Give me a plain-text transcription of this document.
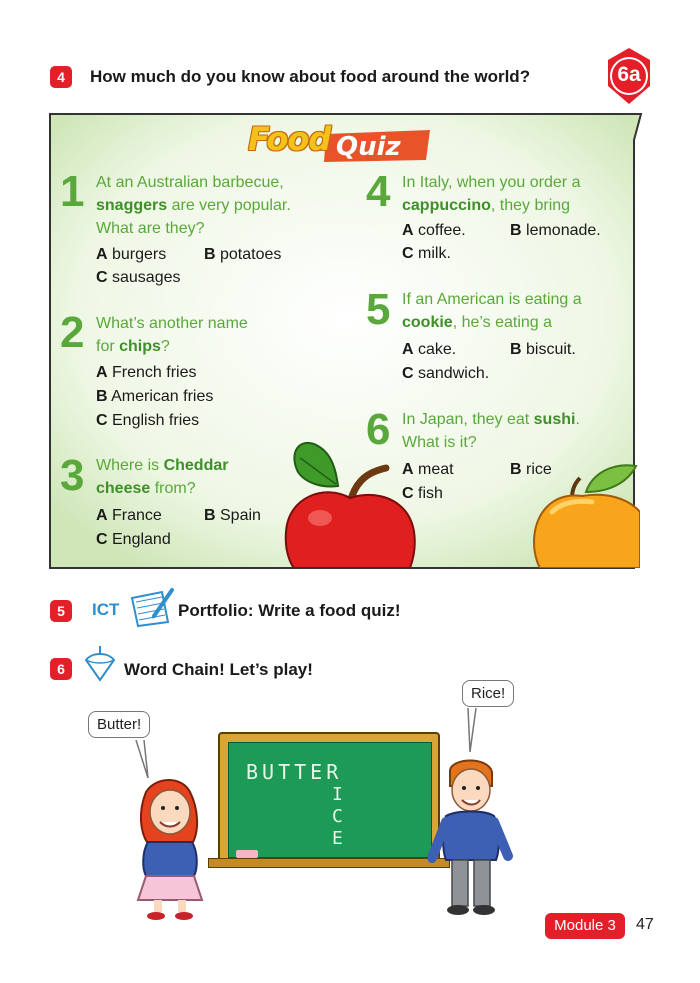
4	How much do you know about food around the world?	6a
Food Quiz
1 At an Australian barbecue,
snaggers are very popular.
What are they?
A burgers B potatoes
C sausages
2 What’s another name
for chips?
A French fries
B American fries
C English fries
3 Where is Cheddar
cheese from?
A France	B Spain
C England
4 In Italy, when you order a
cappuccino, they bring
A coffee.	B lemonade.
C milk.
5 If an American is eating a
cookie, he’s eating a
A cake.	B biscuit.
C sandwich.
6 In Japan, they eat sushi.
What is it?
A meat	B rice
C fish
5	ICT	Portfolio: Write a food quiz!
6	Word Chain! Let’s play!
Butter!
Rice!
BUTTER
I
C
E
Module 3	47
